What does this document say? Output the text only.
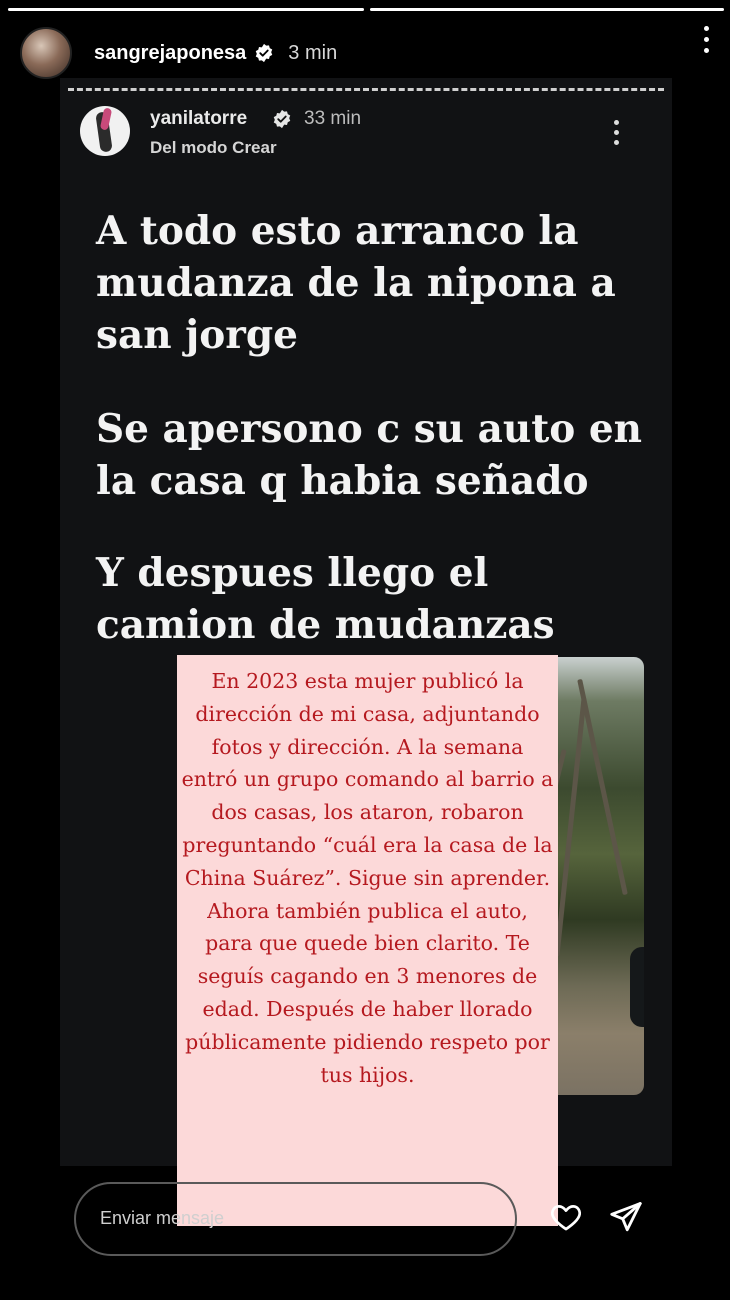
sangrejaponesa 3 min
yanilatorre	33 min
Del modo Crear
A todo esto arranco la mudanza de la nipona a san jorge
Se apersono c su auto en la casa q habia señado
Y despues llego el camion de mudanzas
En 2023 esta mujer publicó la dirección de mi casa, adjuntando fotos y dirección. A la semana entró un grupo comando al barrio a dos casas, los ataron, robaron preguntando “cuál era la casa de la China Suárez”. Sigue sin aprender. Ahora también publica el auto, para que quede bien clarito. Te seguís cagando en 3 menores de edad. Después de haber llorado públicamente pidiendo respeto por tus hijos.
Enviar mensaje
